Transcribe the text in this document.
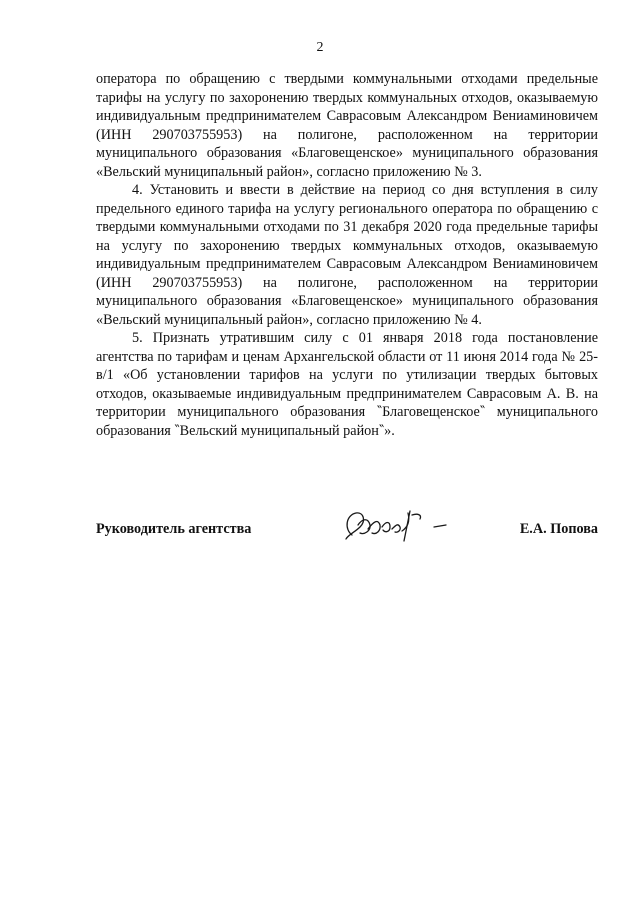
2

оператора по обращению с твердыми коммунальными отходами предельные тарифы на услугу по захоронению твердых коммунальных отходов, оказываемую индивидуальным предпринимателем Саврасовым Александром Вениаминовичем (ИНН 290703755953) на полигоне, расположенном на территории муниципального образования «Благовещенское» муниципального образования «Вельский муниципальный район», согласно приложению № 3.

4. Установить и ввести в действие на период со дня вступления в силу предельного единого тарифа на услугу регионального оператора по обращению с твердыми коммунальными отходами по 31 декабря 2020 года предельные тарифы на услугу по захоронению твердых коммунальных отходов, оказываемую индивидуальным предпринимателем Саврасовым Александром Вениаминовичем (ИНН 290703755953) на полигоне, расположенном на территории муниципального образования «Благовещенское» муниципального образования «Вельский муниципальный район», согласно приложению № 4.

5. Признать утратившим силу с 01 января 2018 года постановление агентства по тарифам и ценам Архангельской области от 11 июня 2014 года № 25-в/1 «Об установлении тарифов на услуги по утилизации твердых бытовых отходов, оказываемые индивидуальным предпринимателем Саврасовым А. В. на территории муниципального образования ‶Благовещенское‶ муниципального образования ‶Вельский муниципальный район‶».

Руководитель агентства	Е.А. Попова
